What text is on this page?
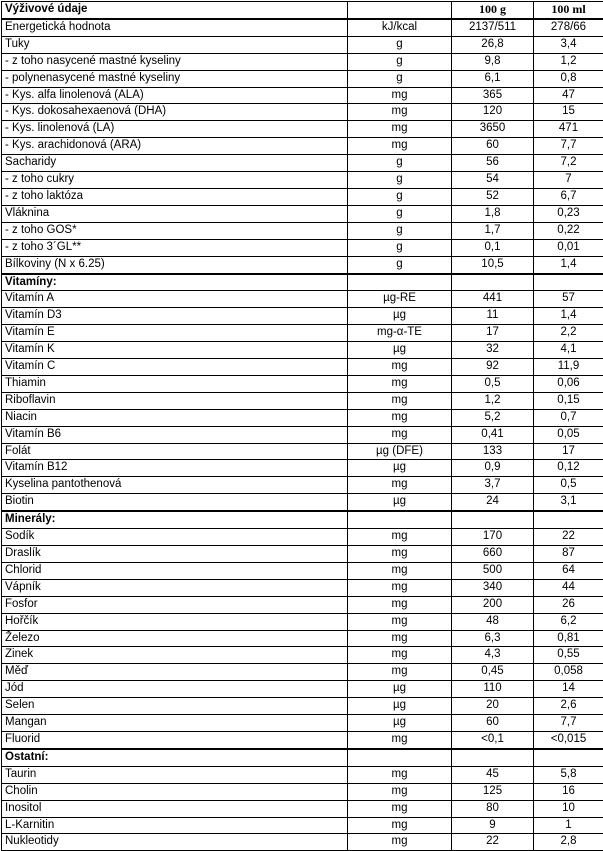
Výživové údaje		100 g	100 ml
Energetická hodnota	kJ/kcal	2137/511	278/66
Tuky	g	26,8	3,4
- z toho nasycené mastné kyseliny	g	9,8	1,2
- polynenasycené mastné kyseliny	g	6,1	0,8
- Kys. alfa linolenová (ALA)	mg	365	47
- Kys. dokosahexaenová (DHA)	mg	120	15
- Kys. linolenová (LA)	mg	3650	471
- Kys. arachidonová (ARA)	mg	60	7,7
Sacharidy	g	56	7,2
- z toho cukry	g	54	7
- z toho laktóza	g	52	6,7
Vláknina	g	1,8	0,23
- z toho GOS*	g	1,7	0,22
- z toho 3´GL**	g	0,1	0,01
Bílkoviny (N x 6.25)	g	10,5	1,4
Vitamíny:			
Vitamín A	µg-RE	441	57
Vitamín D3	µg	11	1,4
Vitamín E	mg-α-TE	17	2,2
Vitamín K	µg	32	4,1
Vitamín C	mg	92	11,9
Thiamin	mg	0,5	0,06
Riboflavin	mg	1,2	0,15
Niacin	mg	5,2	0,7
Vitamín B6	mg	0,41	0,05
Folát	µg (DFE)	133	17
Vitamín B12	µg	0,9	0,12
Kyselina pantothenová	mg	3,7	0,5
Biotin	µg	24	3,1
Minerály:			
Sodík	mg	170	22
Draslík	mg	660	87
Chlorid	mg	500	64
Vápník	mg	340	44
Fosfor	mg	200	26
Hořčík	mg	48	6,2
Železo	mg	6,3	0,81
Zinek	mg	4,3	0,55
Měď	mg	0,45	0,058
Jód	µg	110	14
Selen	µg	20	2,6
Mangan	µg	60	7,7
Fluorid	mg	<0,1	<0,015
Ostatní:			
Taurin	mg	45	5,8
Cholin	mg	125	16
Inositol	mg	80	10
L-Karnitin	mg	9	1
Nukleotidy	mg	22	2,8
